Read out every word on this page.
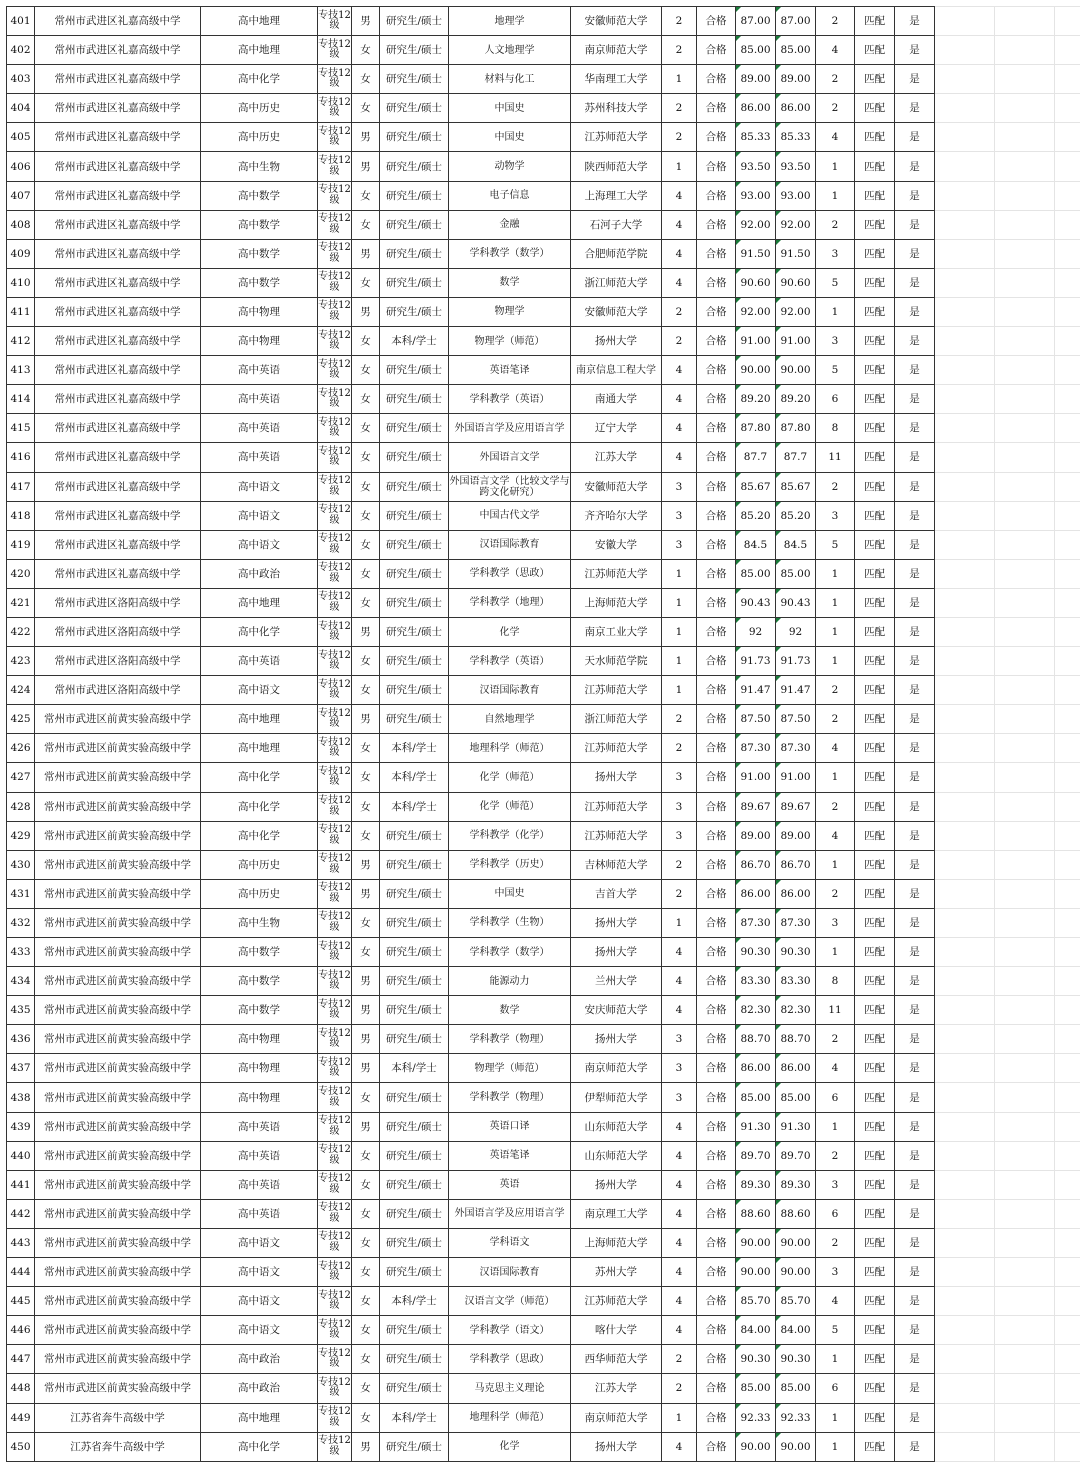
401	常州市武进区礼嘉高级中学	高中地理	专技12级	男	研究生/硕士	地理学	安徽师范大学	2	合格	87.00	87.00	2	匹配	是			
402	常州市武进区礼嘉高级中学	高中地理	专技12级	女	研究生/硕士	人文地理学	南京师范大学	2	合格	85.00	85.00	4	匹配	是			
403	常州市武进区礼嘉高级中学	高中化学	专技12级	女	研究生/硕士	材料与化工	华南理工大学	1	合格	89.00	89.00	2	匹配	是			
404	常州市武进区礼嘉高级中学	高中历史	专技12级	女	研究生/硕士	中国史	苏州科技大学	2	合格	86.00	86.00	2	匹配	是			
405	常州市武进区礼嘉高级中学	高中历史	专技12级	男	研究生/硕士	中国史	江苏师范大学	2	合格	85.33	85.33	4	匹配	是			
406	常州市武进区礼嘉高级中学	高中生物	专技12级	男	研究生/硕士	动物学	陕西师范大学	1	合格	93.50	93.50	1	匹配	是			
407	常州市武进区礼嘉高级中学	高中数学	专技12级	女	研究生/硕士	电子信息	上海理工大学	4	合格	93.00	93.00	1	匹配	是			
408	常州市武进区礼嘉高级中学	高中数学	专技12级	女	研究生/硕士	金融	石河子大学	4	合格	92.00	92.00	2	匹配	是			
409	常州市武进区礼嘉高级中学	高中数学	专技12级	男	研究生/硕士	学科教学（数学）	合肥师范学院	4	合格	91.50	91.50	3	匹配	是			
410	常州市武进区礼嘉高级中学	高中数学	专技12级	女	研究生/硕士	数学	浙江师范大学	4	合格	90.60	90.60	5	匹配	是			
411	常州市武进区礼嘉高级中学	高中物理	专技12级	男	研究生/硕士	物理学	安徽师范大学	2	合格	92.00	92.00	1	匹配	是			
412	常州市武进区礼嘉高级中学	高中物理	专技12级	女	本科/学士	物理学（师范）	扬州大学	2	合格	91.00	91.00	3	匹配	是			
413	常州市武进区礼嘉高级中学	高中英语	专技12级	女	研究生/硕士	英语笔译	南京信息工程大学	4	合格	90.00	90.00	5	匹配	是			
414	常州市武进区礼嘉高级中学	高中英语	专技12级	女	研究生/硕士	学科教学（英语）	南通大学	4	合格	89.20	89.20	6	匹配	是			
415	常州市武进区礼嘉高级中学	高中英语	专技12级	女	研究生/硕士	外国语言学及应用语言学	辽宁大学	4	合格	87.80	87.80	8	匹配	是			
416	常州市武进区礼嘉高级中学	高中英语	专技12级	女	研究生/硕士	外国语言文学	江苏大学	4	合格	87.7	87.7	11	匹配	是			
417	常州市武进区礼嘉高级中学	高中语文	专技12级	女	研究生/硕士	外国语言文学（比较文学与跨文化研究）	安徽师范大学	3	合格	85.67	85.67	2	匹配	是			
418	常州市武进区礼嘉高级中学	高中语文	专技12级	女	研究生/硕士	中国古代文学	齐齐哈尔大学	3	合格	85.20	85.20	3	匹配	是			
419	常州市武进区礼嘉高级中学	高中语文	专技12级	女	研究生/硕士	汉语国际教育	安徽大学	3	合格	84.5	84.5	5	匹配	是			
420	常州市武进区礼嘉高级中学	高中政治	专技12级	女	研究生/硕士	学科教学（思政）	江苏师范大学	1	合格	85.00	85.00	1	匹配	是			
421	常州市武进区洛阳高级中学	高中地理	专技12级	女	研究生/硕士	学科教学（地理）	上海师范大学	1	合格	90.43	90.43	1	匹配	是			
422	常州市武进区洛阳高级中学	高中化学	专技12级	男	研究生/硕士	化学	南京工业大学	1	合格	92	92	1	匹配	是			
423	常州市武进区洛阳高级中学	高中英语	专技12级	女	研究生/硕士	学科教学（英语）	天水师范学院	1	合格	91.73	91.73	1	匹配	是			
424	常州市武进区洛阳高级中学	高中语文	专技12级	女	研究生/硕士	汉语国际教育	江苏师范大学	1	合格	91.47	91.47	2	匹配	是			
425	常州市武进区前黄实验高级中学	高中地理	专技12级	男	研究生/硕士	自然地理学	浙江师范大学	2	合格	87.50	87.50	2	匹配	是			
426	常州市武进区前黄实验高级中学	高中地理	专技12级	女	本科/学士	地理科学（师范）	江苏师范大学	2	合格	87.30	87.30	4	匹配	是			
427	常州市武进区前黄实验高级中学	高中化学	专技12级	女	本科/学士	化学（师范）	扬州大学	3	合格	91.00	91.00	1	匹配	是			
428	常州市武进区前黄实验高级中学	高中化学	专技12级	女	本科/学士	化学（师范）	江苏师范大学	3	合格	89.67	89.67	2	匹配	是			
429	常州市武进区前黄实验高级中学	高中化学	专技12级	女	研究生/硕士	学科教学（化学）	江苏师范大学	3	合格	89.00	89.00	4	匹配	是			
430	常州市武进区前黄实验高级中学	高中历史	专技12级	男	研究生/硕士	学科教学（历史）	吉林师范大学	2	合格	86.70	86.70	1	匹配	是			
431	常州市武进区前黄实验高级中学	高中历史	专技12级	男	研究生/硕士	中国史	吉首大学	2	合格	86.00	86.00	2	匹配	是			
432	常州市武进区前黄实验高级中学	高中生物	专技12级	女	研究生/硕士	学科教学（生物）	扬州大学	1	合格	87.30	87.30	3	匹配	是			
433	常州市武进区前黄实验高级中学	高中数学	专技12级	女	研究生/硕士	学科教学（数学）	扬州大学	4	合格	90.30	90.30	1	匹配	是			
434	常州市武进区前黄实验高级中学	高中数学	专技12级	男	研究生/硕士	能源动力	兰州大学	4	合格	83.30	83.30	8	匹配	是			
435	常州市武进区前黄实验高级中学	高中数学	专技12级	男	研究生/硕士	数学	安庆师范大学	4	合格	82.30	82.30	11	匹配	是			
436	常州市武进区前黄实验高级中学	高中物理	专技12级	男	研究生/硕士	学科教学（物理）	扬州大学	3	合格	88.70	88.70	2	匹配	是			
437	常州市武进区前黄实验高级中学	高中物理	专技12级	男	本科/学士	物理学（师范）	南京师范大学	3	合格	86.00	86.00	4	匹配	是			
438	常州市武进区前黄实验高级中学	高中物理	专技12级	女	研究生/硕士	学科教学（物理）	伊犁师范大学	3	合格	85.00	85.00	6	匹配	是			
439	常州市武进区前黄实验高级中学	高中英语	专技12级	男	研究生/硕士	英语口译	山东师范大学	4	合格	91.30	91.30	1	匹配	是			
440	常州市武进区前黄实验高级中学	高中英语	专技12级	女	研究生/硕士	英语笔译	山东师范大学	4	合格	89.70	89.70	2	匹配	是			
441	常州市武进区前黄实验高级中学	高中英语	专技12级	女	研究生/硕士	英语	扬州大学	4	合格	89.30	89.30	3	匹配	是			
442	常州市武进区前黄实验高级中学	高中英语	专技12级	女	研究生/硕士	外国语言学及应用语言学	南京理工大学	4	合格	88.60	88.60	6	匹配	是			
443	常州市武进区前黄实验高级中学	高中语文	专技12级	女	研究生/硕士	学科语文	上海师范大学	4	合格	90.00	90.00	2	匹配	是			
444	常州市武进区前黄实验高级中学	高中语文	专技12级	女	研究生/硕士	汉语国际教育	苏州大学	4	合格	90.00	90.00	3	匹配	是			
445	常州市武进区前黄实验高级中学	高中语文	专技12级	女	本科/学士	汉语言文学（师范）	江苏师范大学	4	合格	85.70	85.70	4	匹配	是			
446	常州市武进区前黄实验高级中学	高中语文	专技12级	女	研究生/硕士	学科教学（语文）	喀什大学	4	合格	84.00	84.00	5	匹配	是			
447	常州市武进区前黄实验高级中学	高中政治	专技12级	女	研究生/硕士	学科教学（思政）	西华师范大学	2	合格	90.30	90.30	1	匹配	是			
448	常州市武进区前黄实验高级中学	高中政治	专技12级	女	研究生/硕士	马克思主义理论	江苏大学	2	合格	85.00	85.00	6	匹配	是			
449	江苏省奔牛高级中学	高中地理	专技12级	女	本科/学士	地理科学（师范）	南京师范大学	1	合格	92.33	92.33	1	匹配	是			
450	江苏省奔牛高级中学	高中化学	专技12级	男	研究生/硕士	化学	扬州大学	4	合格	90.00	90.00	1	匹配	是			
